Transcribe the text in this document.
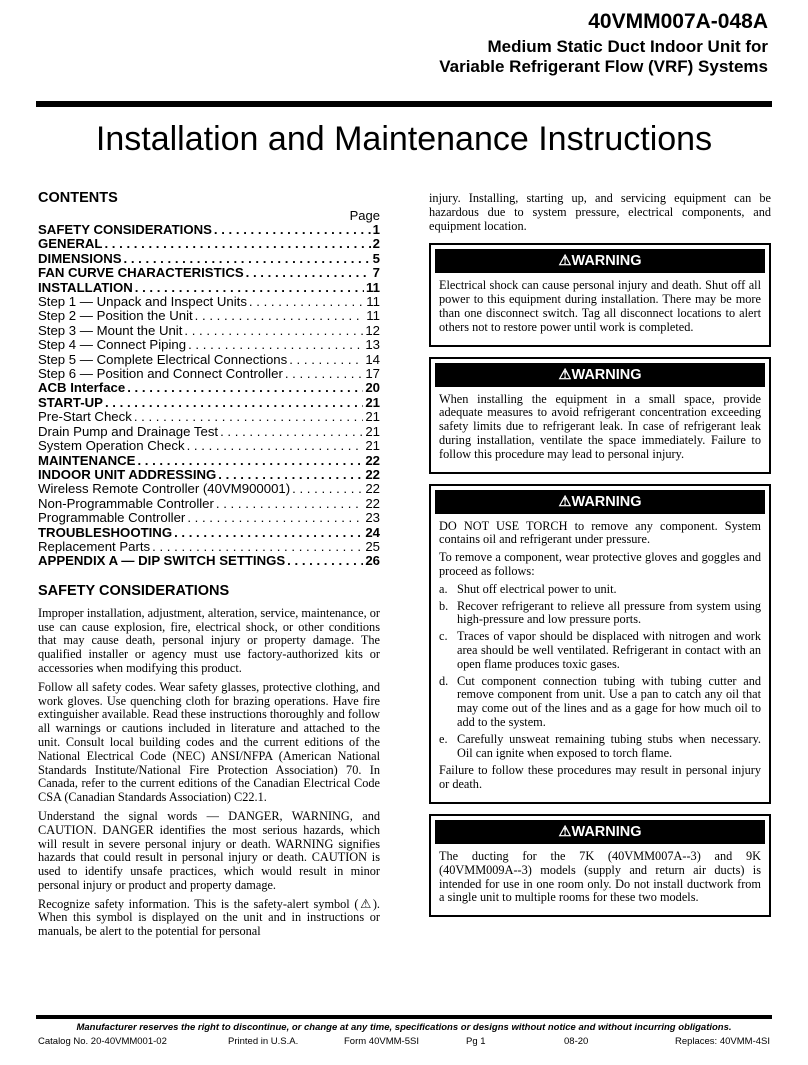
40VMM007A-048A
Medium Static Duct Indoor Unit for
Variable Refrigerant Flow (VRF) Systems
Installation and Maintenance Instructions
CONTENTS
Page
SAFETY CONSIDERATIONS . . .	1
GENERAL . . .	2
DIMENSIONS . . .	5
FAN CURVE CHARACTERISTICS . . .	7
INSTALLATION . . .	11
Step 1 — Unpack and Inspect Units . . .	11
Step 2 — Position the Unit . . .	11
Step 3 — Mount the Unit . . .	12
Step 4 — Connect Piping . . .	13
Step 5 — Complete Electrical Connections . . .	14
Step 6 — Position and Connect Controller . . .	17
ACB Interface . . .	20
START-UP . . .	21
Pre-Start Check . . .	21
Drain Pump and Drainage Test . . .	21
System Operation Check . . .	21
MAINTENANCE . . .	22
INDOOR UNIT ADDRESSING . . .	22
Wireless Remote Controller (40VM900001) . . .	22
Non-Programmable Controller . . .	22
Programmable Controller . . .	23
TROUBLESHOOTING . . .	24
Replacement Parts . . .	25
APPENDIX A — DIP SWITCH SETTINGS . . .	26
SAFETY CONSIDERATIONS

Improper installation, adjustment, alteration, service, maintenance, or use can cause explosion, fire, electrical shock, or other conditions that may cause death, personal injury or property damage. The qualified installer or agency must use factory-authorized kits or accessories when modifying this product.

Follow all safety codes. Wear safety glasses, protective clothing, and work gloves. Use quenching cloth for brazing operations. Have fire extinguisher available. Read these instructions thoroughly and follow all warnings or cautions included in literature and attached to the unit. Consult local building codes and the current editions of the National Electrical Code (NEC) ANSI/NFPA (American National Standards Institute/National Fire Protection Association) 70. In Canada, refer to the current editions of the Canadian Electrical Code CSA (Canadian Standards Association) C22.1.

Understand the signal words — DANGER, WARNING, and CAUTION. DANGER identifies the most serious hazards, which will result in severe personal injury or death. WARNING signifies hazards that could result in personal injury or death. CAUTION is used to identify unsafe practices, which would result in minor personal injury or product and property damage.

Recognize safety information. This is the safety-alert symbol (⚠). When this symbol is displayed on the unit and in instructions or manuals, be alert to the potential for personal

injury. Installing, starting up, and servicing equipment can be hazardous due to system pressure, electrical components, and equipment location.

⚠WARNING

Electrical shock can cause personal injury and death. Shut off all power to this equipment during installation. There may be more than one disconnect switch. Tag all disconnect locations to alert others not to restore power until work is completed.

⚠WARNING

When installing the equipment in a small space, provide adequate measures to avoid refrigerant concentration exceeding safety limits due to refrigerant leak. In case of refrigerant leak during installation, ventilate the space immediately. Failure to follow this procedure may lead to personal injury.

⚠WARNING

DO NOT USE TORCH to remove any component. System contains oil and refrigerant under pressure.

To remove a component, wear protective gloves and goggles and proceed as follows:

a. Shut off electrical power to unit.
b. Recover refrigerant to relieve all pressure from system using high-pressure and low pressure ports.
c. Traces of vapor should be displaced with nitrogen and work area should be well ventilated. Refrigerant in contact with an open flame produces toxic gases.
d. Cut component connection tubing with tubing cutter and remove component from unit. Use a pan to catch any oil that may come out of the lines and as a gage for how much oil to add to the system.
e. Carefully unsweat remaining tubing stubs when necessary. Oil can ignite when exposed to torch flame.

Failure to follow these procedures may result in personal injury or death.

⚠WARNING

The ducting for the 7K (40VMM007A--3) and 9K (40VMM009A--3) models (supply and return air ducts) is intended for use in one room only. Do not install ductwork from a single unit to multiple rooms for these two models.

Manufacturer reserves the right to discontinue, or change at any time, specifications or designs without notice and without incurring obligations.
Catalog No. 20-40VMM001-02	Printed in U.S.A.	Form 40VMM-5SI	Pg 1	08-20	Replaces: 40VMM-4SI
